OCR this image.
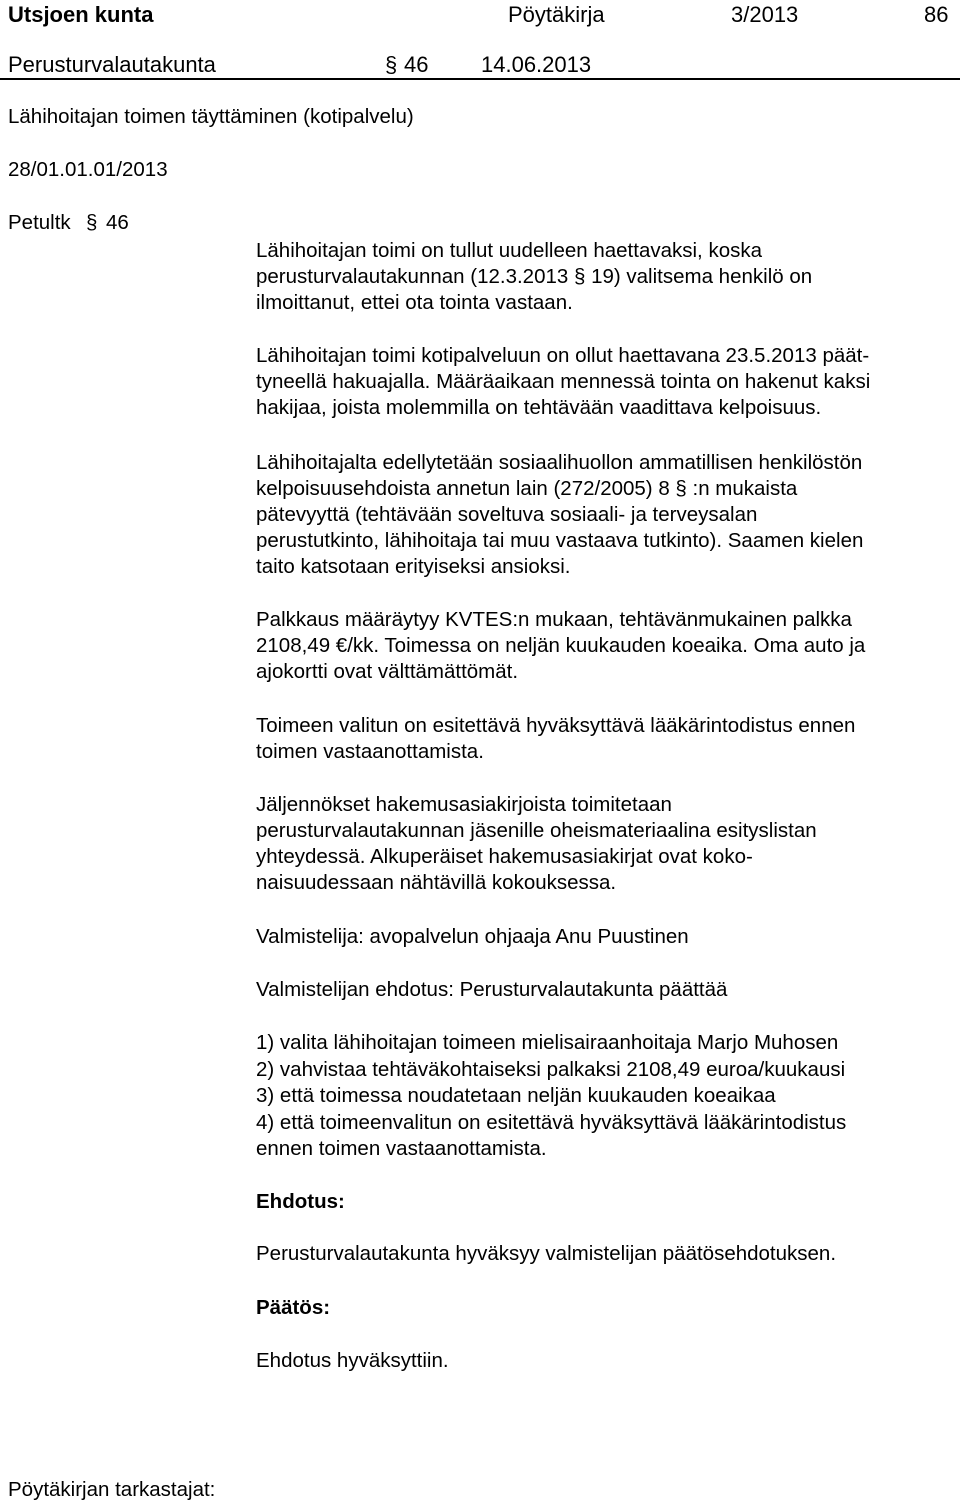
Utsjoen kunta	Pöytäkirja	3/2013	86
Perusturvalautakunta	§ 46 14.06.2013
Lähihoitajan toimen täyttäminen (kotipalvelu)
28/01.01.01/2013
Petultk § 46
Lähihoitajan toimi on tullut uudelleen haettavaksi, koska
perusturvalautakunnan (12.3.2013 § 19) valitsema henkilö on
ilmoittanut, ettei ota tointa vastaan.
Lähihoitajan toimi kotipalveluun on ollut haettavana 23.5.2013 päät-
tyneellä hakuajalla. Määräaikaan mennessä tointa on hakenut kaksi
hakijaa, joista molemmilla on tehtävään vaadittava kelpoisuus.
Lähihoitajalta edellytetään sosiaalihuollon ammatillisen henkilöstön
kelpoisuusehdoista annetun lain (272/2005) 8 § :n mukaista
pätevyyttä (tehtävään soveltuva sosiaali- ja terveysalan
perustutkinto, lähihoitaja tai muu vastaava tutkinto). Saamen kielen
taito katsotaan erityiseksi ansioksi.
Palkkaus määräytyy KVTES:n mukaan, tehtävänmukainen palkka
2108,49 €/kk. Toimessa on neljän kuukauden koeaika. Oma auto ja
ajokortti ovat välttämättömät.
Toimeen valitun on esitettävä hyväksyttävä lääkärintodistus ennen
toimen vastaanottamista.
Jäljennökset hakemusasiakirjoista toimitetaan
perusturvalautakunnan jäsenille oheismateriaalina esityslistan
yhteydessä. Alkuperäiset hakemusasiakirjat ovat koko-
naisuudessaan nähtävillä kokouksessa.
Valmistelija: avopalvelun ohjaaja Anu Puustinen
Valmistelijan ehdotus: Perusturvalautakunta päättää
1) valita lähihoitajan toimeen mielisairaanhoitaja Marjo Muhosen
2) vahvistaa tehtäväkohtaiseksi palkaksi 2108,49 euroa/kuukausi
3) että toimessa noudatetaan neljän kuukauden koeaikaa
4) että toimeenvalitun on esitettävä hyväksyttävä lääkärintodistus
ennen toimen vastaanottamista.
Ehdotus:
Perusturvalautakunta hyväksyy valmistelijan päätösehdotuksen.
Päätös:
Ehdotus hyväksyttiin.
Pöytäkirjan tarkastajat:
